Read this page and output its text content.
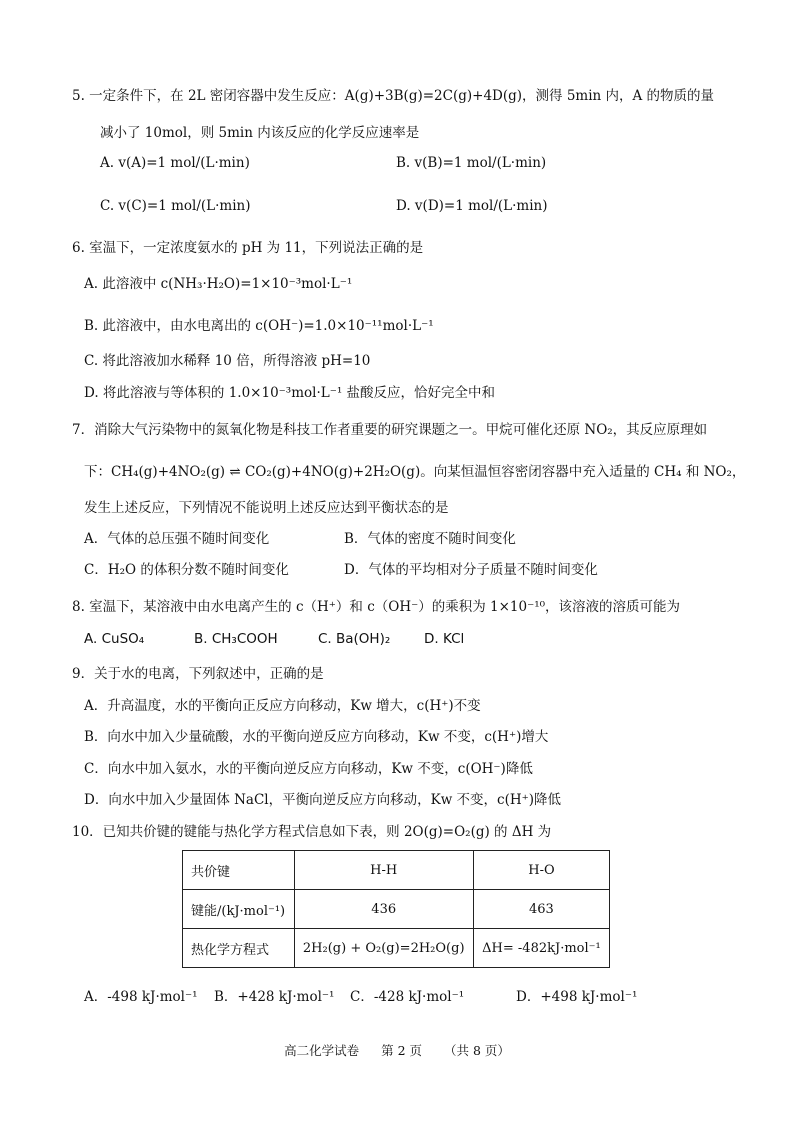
5. 一定条件下，在 2L 密闭容器中发生反应：A(g)+3B(g)=2C(g)+4D(g)，测得 5min 内，A 的物质的量
减小了 10mol，则 5min 内该反应的化学反应速率是
A. v(A)=1 mol/(L·min)	B. v(B)=1 mol/(L·min)
C. v(C)=1 mol/(L·min)	D. v(D)=1 mol/(L·min)
6. 室温下，一定浓度氨水的 pH 为 11，下列说法正确的是
A. 此溶液中 c(NH₃·H₂O)=1×10⁻³mol·L⁻¹
B. 此溶液中，由水电离出的 c(OH⁻)=1.0×10⁻¹¹mol·L⁻¹
C. 将此溶液加水稀释 10 倍，所得溶液 pH=10
D. 将此溶液与等体积的 1.0×10⁻³mol·L⁻¹ 盐酸反应，恰好完全中和
7．消除大气污染物中的氮氧化物是科技工作者重要的研究课题之一。甲烷可催化还原 NO₂，其反应原理如
下：CH₄(g)+4NO₂(g) ⇌ CO₂(g)+4NO(g)+2H₂O(g)。向某恒温恒容密闭容器中充入适量的 CH₄ 和 NO₂，
发生上述反应，下列情况不能说明上述反应达到平衡状态的是
A．气体的总压强不随时间变化	B．气体的密度不随时间变化
C．H₂O 的体积分数不随时间变化	D．气体的平均相对分子质量不随时间变化
8. 室温下，某溶液中由水电离产生的 c（H⁺）和 c（OH⁻）的乘积为 1×10⁻¹⁰，该溶液的溶质可能为
A. CuSO₄	B. CH₃COOH	C. Ba(OH)₂ D. KCl
9．关于水的电离，下列叙述中，正确的是
A．升高温度，水的平衡向正反应方向移动，Kw 增大，c(H⁺)不变
B．向水中加入少量硫酸，水的平衡向逆反应方向移动，Kw 不变，c(H⁺)增大
C．向水中加入氨水，水的平衡向逆反应方向移动，Kw 不变，c(OH⁻)降低
D．向水中加入少量固体 NaCl，平衡向逆反应方向移动，Kw 不变，c(H⁺)降低
10．已知共价键的键能与热化学方程式信息如下表，则 2O(g)=O₂(g) 的 ΔH 为
共价键	H-H	H-O
键能/(kJ·mol⁻¹)	436	463
热化学方程式	2H₂(g) + O₂(g)=2H₂O(g)	ΔH= -482kJ·mol⁻¹
A．-498 kJ·mol⁻¹ B．+428 kJ·mol⁻¹ C．-428 kJ·mol⁻¹	D．+498 kJ·mol⁻¹
高二化学试卷 第 2 页 （共 8 页）
